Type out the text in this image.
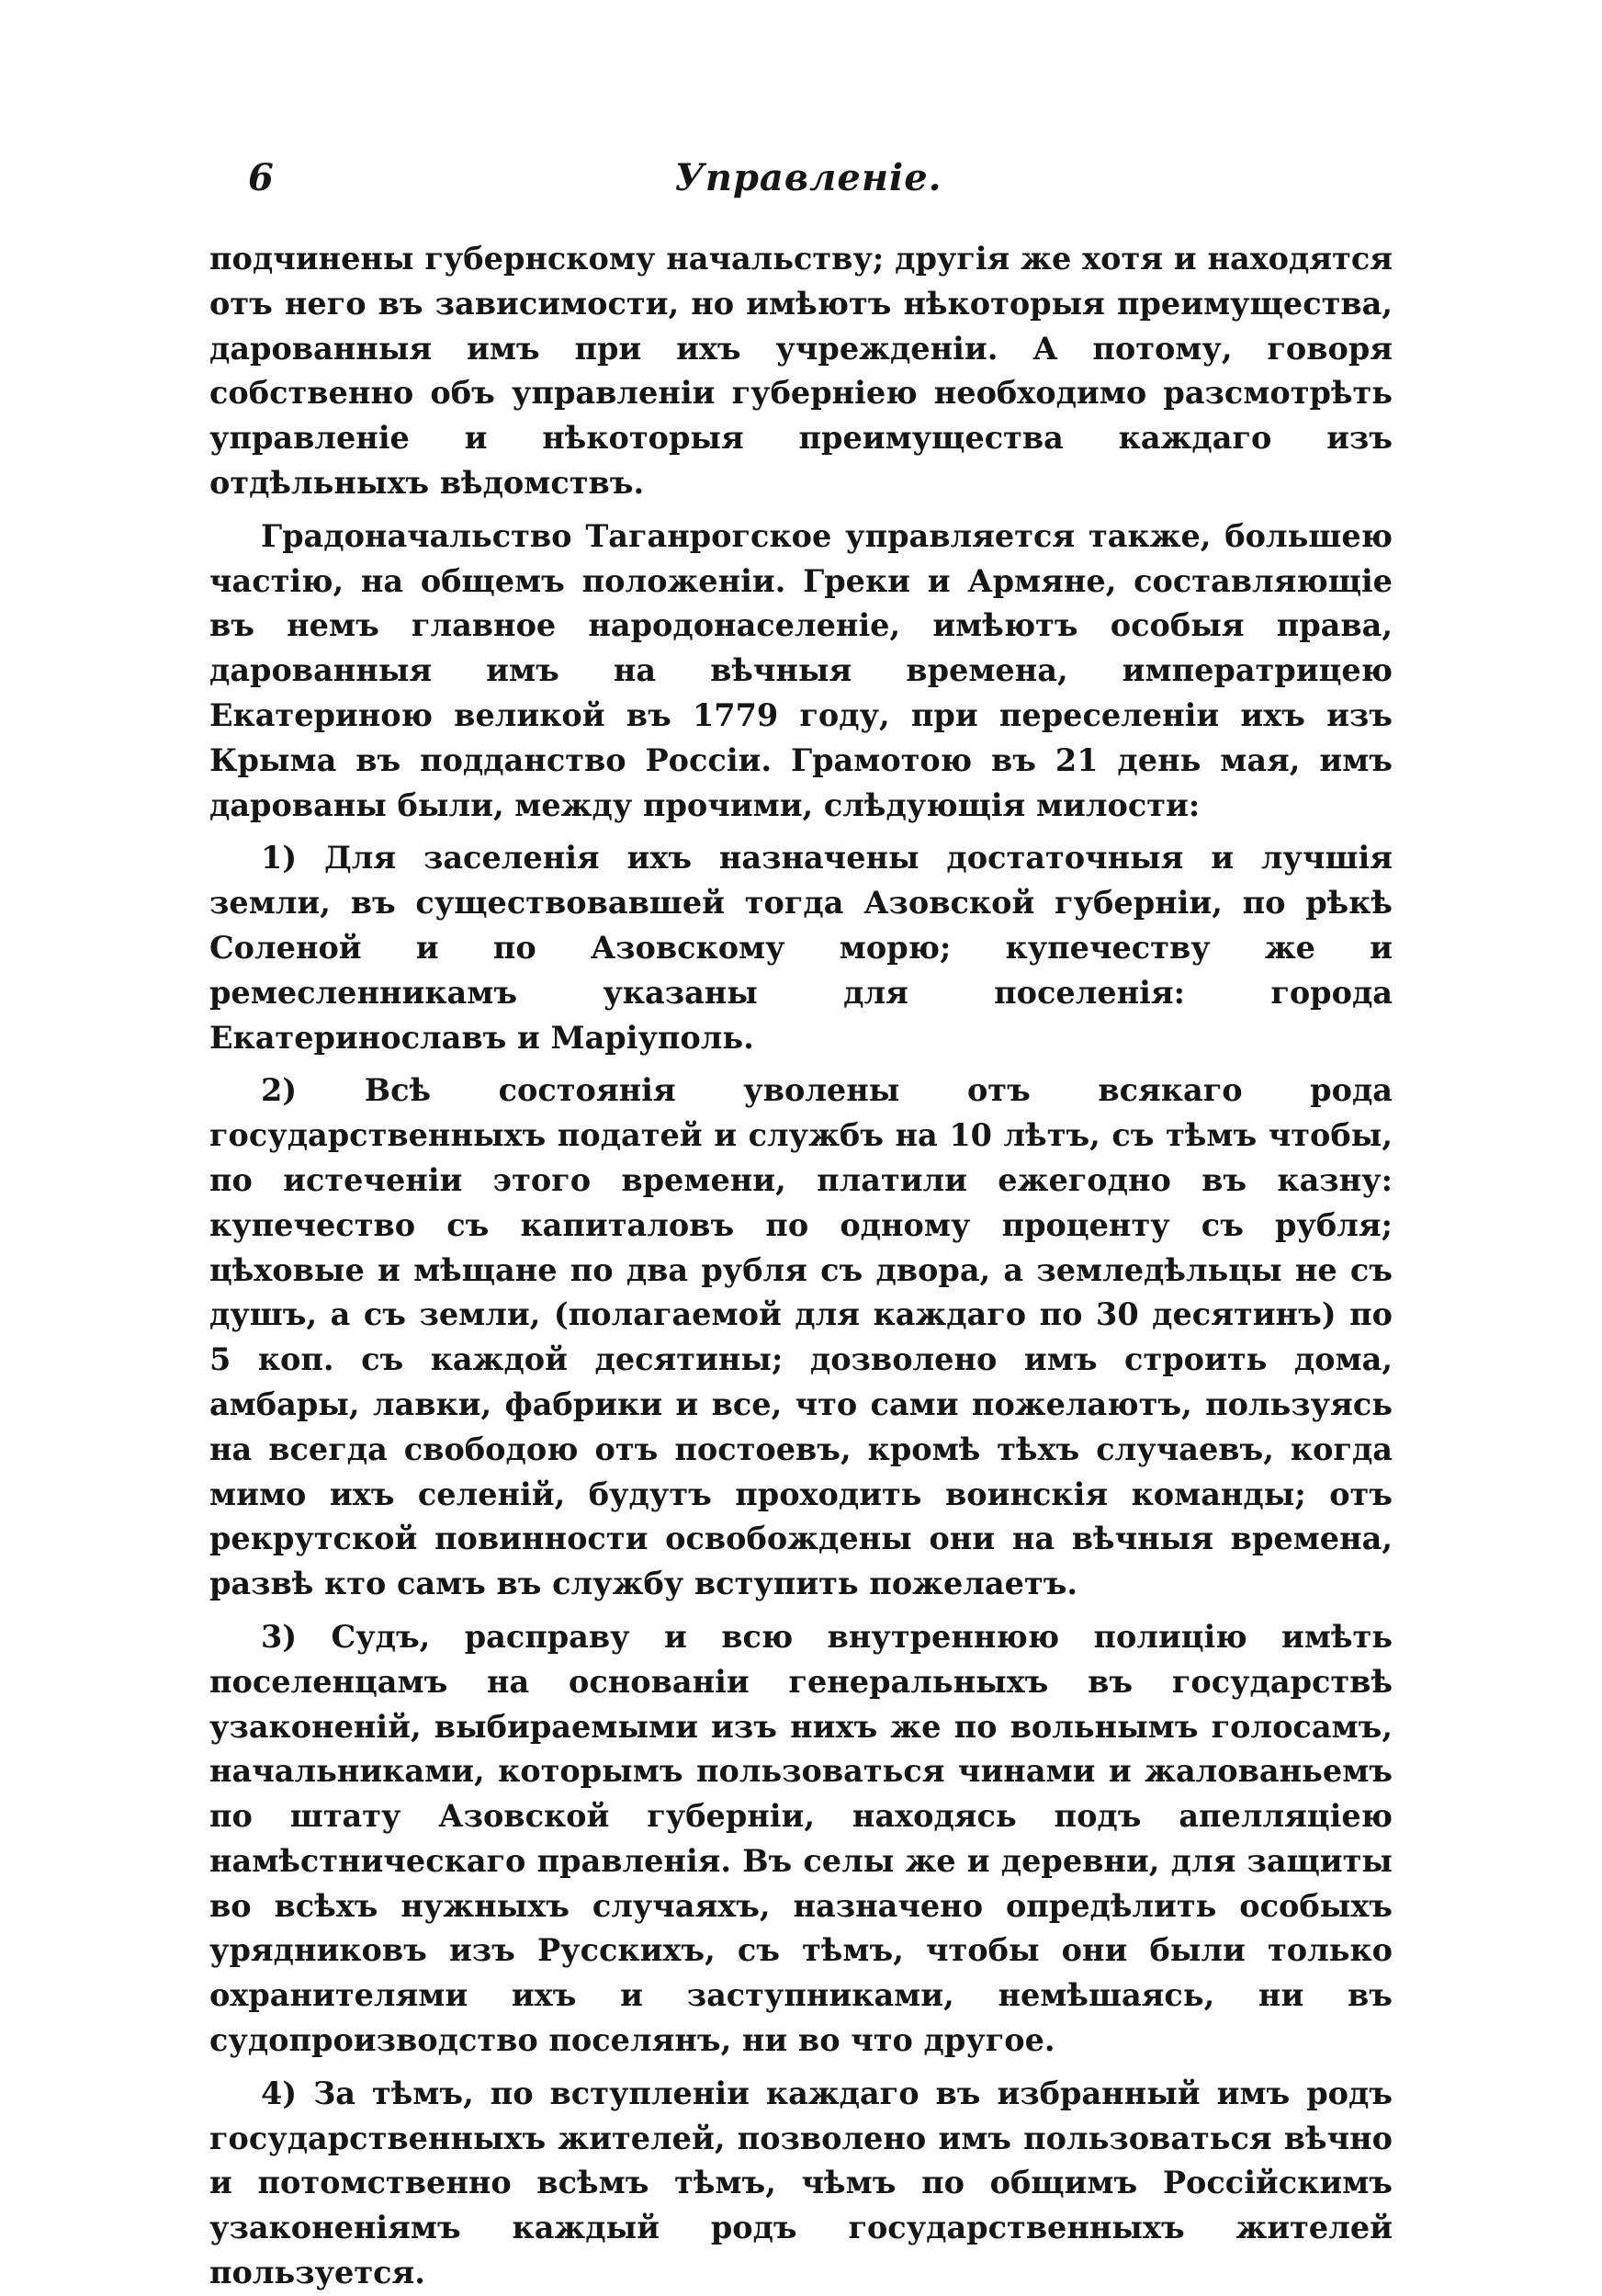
6	Управленіе.

подчинены губернскому начальству; другія же хотя и находятся отъ него въ зависимости, но имѣютъ нѣкоторыя преимущества, дарованныя имъ при ихъ учрежденіи. А потому, говоря собственно объ управленіи губерніею необходимо разсмотрѣть управленіе и нѣкоторыя преимущества каждаго изъ отдѣльныхъ вѣдомствъ.

Градоначальство Таганрогское управляется также, большею частію, на общемъ положеніи. Греки и Армяне, составляющіе въ немъ главное народонаселеніе, имѣютъ особыя права, дарованныя имъ на вѣчныя времена, императрицею Екатериною великой въ 1779 году, при переселеніи ихъ изъ Крыма въ подданство Россіи. Грамотою въ 21 день мая, имъ дарованы были, между прочими, слѣдующія милости:

1) Для заселенія ихъ назначены достаточныя и лучшія земли, въ существовавшей тогда Азовской губерніи, по рѣкѣ Соленой и по Азовскому морю; купечеству же и ремесленникамъ указаны для поселенія: города Екатеринославъ и Маріуполь.

2) Всѣ состоянія уволены отъ всякаго рода государственныхъ податей и службъ на 10 лѣтъ, съ тѣмъ чтобы, по истеченіи этого времени, платили ежегодно въ казну: купечество съ капиталовъ по одному проценту съ рубля; цѣховые и мѣщане по два рубля съ двора, а земледѣльцы не съ душъ, а съ земли, (полагаемой для каждаго по 30 десятинъ) по 5 коп. съ каждой десятины; дозволено имъ строить дома, амбары, лавки, фабрики и все, что сами пожелаютъ, пользуясь на всегда свободою отъ постоевъ, кромѣ тѣхъ случаевъ, когда мимо ихъ селеній, будутъ проходить воинскія команды; отъ рекрутской повинности освобождены они на вѣчныя времена, развѣ кто самъ въ службу вступить пожелаетъ.

3) Судъ, расправу и всю внутреннюю полицію имѣть поселенцамъ на основаніи генеральныхъ въ государствѣ узаконеній, выбираемыми изъ нихъ же по вольнымъ голосамъ, начальниками, которымъ пользоваться чинами и жалованьемъ по штату Азовской губерніи, находясь подъ апелляціею намѣстническаго правленія. Въ селы же и деревни, для защиты во всѣхъ нужныхъ случаяхъ, назначено опредѣлить особыхъ урядниковъ изъ Русскихъ, съ тѣмъ, чтобы они были только охранителями ихъ и заступниками, немѣшаясь, ни въ судопроизводство поселянъ, ни во что другое.

4) За тѣмъ, по вступленіи каждаго въ избранный имъ родъ государственныхъ жителей, позволено имъ пользоваться вѣчно и потомственно всѣмъ тѣмъ, чѣмъ по общимъ Россійскимъ узаконеніямъ каждый родъ государственныхъ жителей пользуется.
